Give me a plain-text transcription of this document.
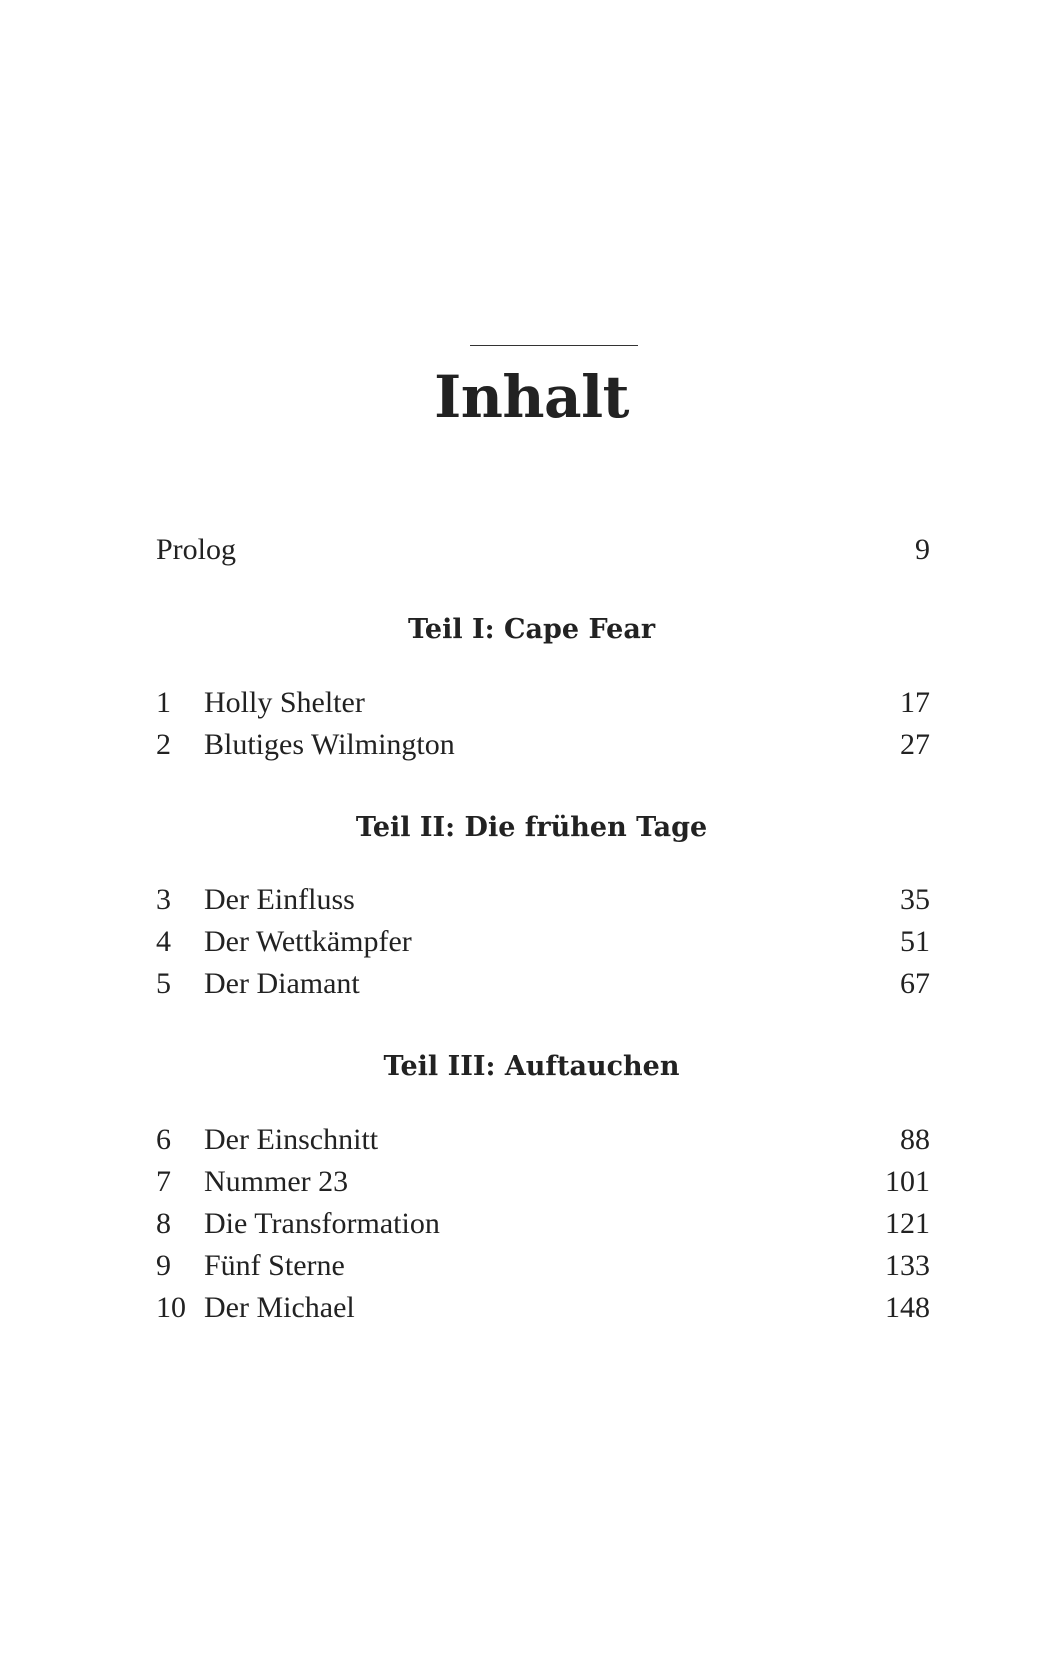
Inhalt
Prolog	9
Teil I: Cape Fear
1 Holly Shelter	17
2 Blutiges Wilmington	27
Teil II: Die frühen Tage
3 Der Einfluss	35
4 Der Wettkämpfer	51
5 Der Diamant	67
Teil III: Auftauchen
6 Der Einschnitt	88
7 Nummer 23	101
8 Die Transformation	121
9 Fünf Sterne	133
10 Der Michael	148
